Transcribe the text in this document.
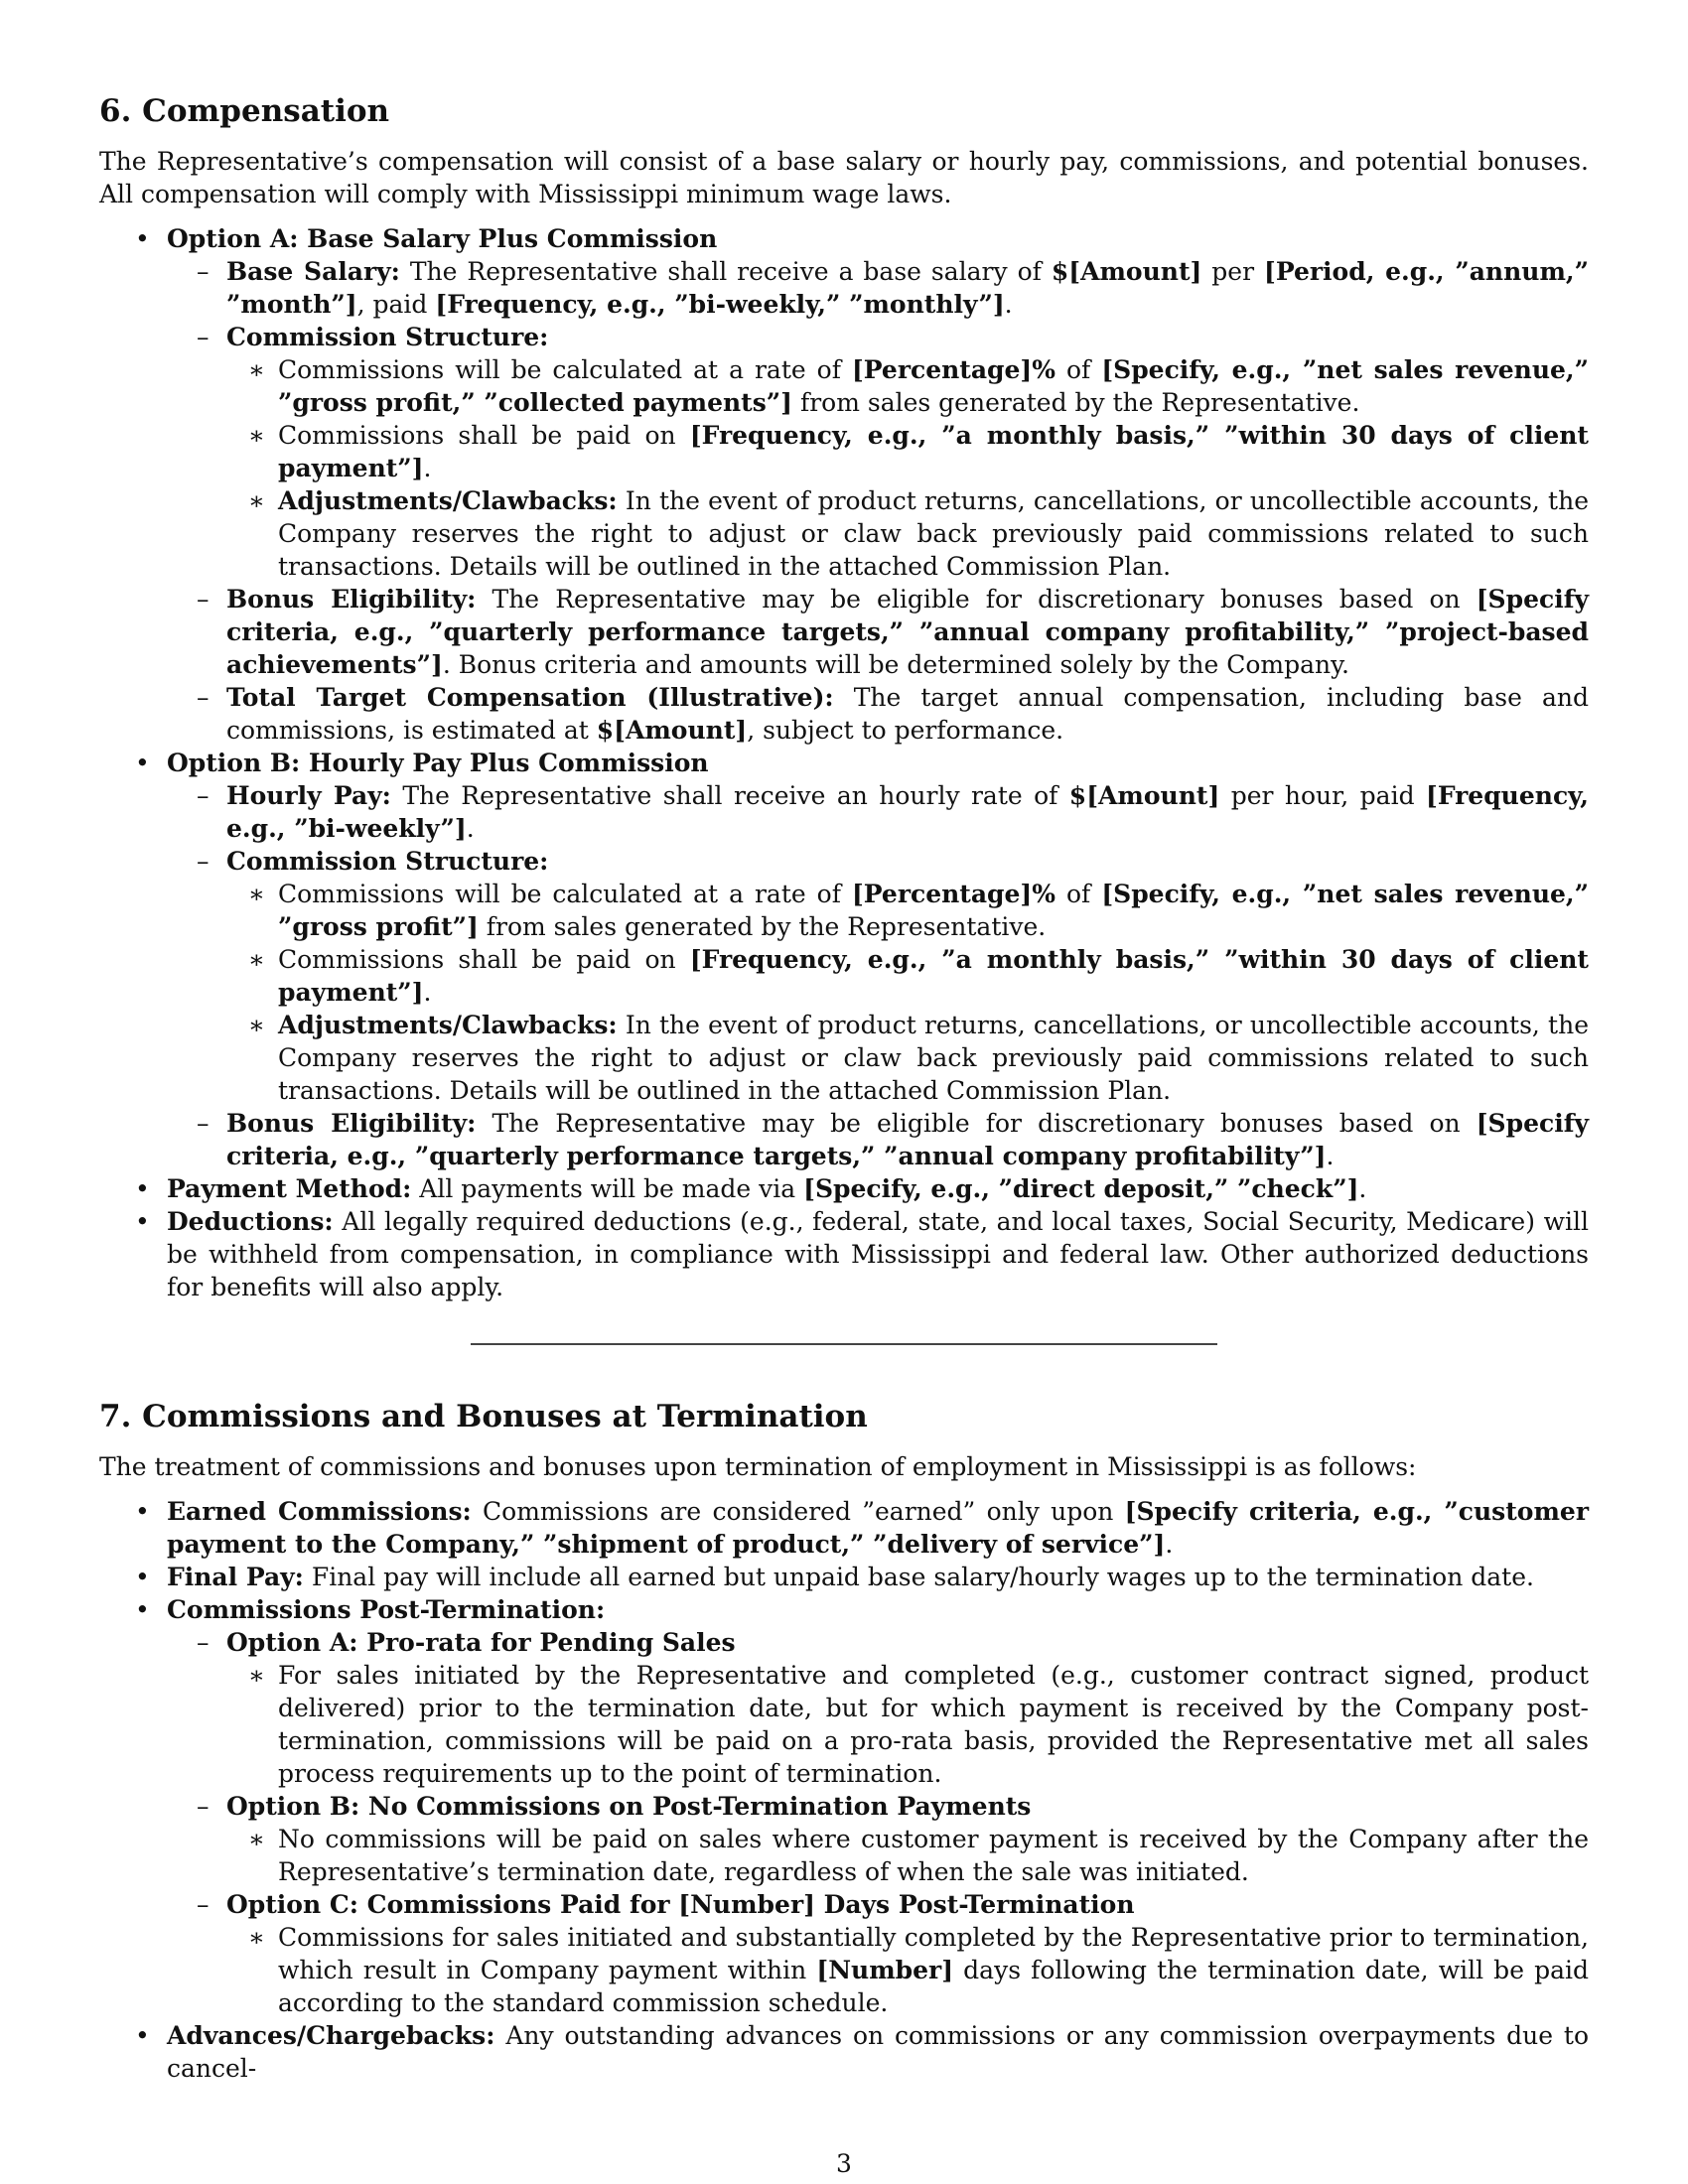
6. Compensation

The Representative’s compensation will consist of a base salary or hourly pay, commissions, and potential bonuses. All compensation will comply with Mississippi minimum wage laws.

• Option A: Base Salary Plus Commission
– Base Salary: The Representative shall receive a base salary of $[Amount] per [Period, e.g., ”annum,” ”month”], paid [Frequency, e.g., ”bi-weekly,” ”monthly”].
– Commission Structure:
∗ Commissions will be calculated at a rate of [Percentage]% of [Specify, e.g., ”net sales revenue,” ”gross profit,” ”collected payments”] from sales generated by the Representative.
∗ Commissions shall be paid on [Frequency, e.g., ”a monthly basis,” ”within 30 days of client payment”].
∗ Adjustments/Clawbacks: In the event of product returns, cancellations, or uncollectible accounts, the Company reserves the right to adjust or claw back previously paid commissions related to such transactions. Details will be outlined in the attached Commission Plan.
– Bonus Eligibility: The Representative may be eligible for discretionary bonuses based on [Specify criteria, e.g., ”quarterly performance targets,” ”annual company profitability,” ”project-based achievements”]. Bonus criteria and amounts will be determined solely by the Company.
– Total Target Compensation (Illustrative): The target annual compensation, including base and commissions, is estimated at $[Amount], subject to performance.
• Option B: Hourly Pay Plus Commission
– Hourly Pay: The Representative shall receive an hourly rate of $[Amount] per hour, paid [Frequency, e.g., ”bi-weekly”].
– Commission Structure:
∗ Commissions will be calculated at a rate of [Percentage]% of [Specify, e.g., ”net sales revenue,” ”gross profit”] from sales generated by the Representative.
∗ Commissions shall be paid on [Frequency, e.g., ”a monthly basis,” ”within 30 days of client payment”].
∗ Adjustments/Clawbacks: In the event of product returns, cancellations, or uncollectible accounts, the Company reserves the right to adjust or claw back previously paid commissions related to such transactions. Details will be outlined in the attached Commission Plan.
– Bonus Eligibility: The Representative may be eligible for discretionary bonuses based on [Specify criteria, e.g., ”quarterly performance targets,” ”annual company profitability”].
• Payment Method: All payments will be made via [Specify, e.g., ”direct deposit,” ”check”].
• Deductions: All legally required deductions (e.g., federal, state, and local taxes, Social Security, Medicare) will be withheld from compensation, in compliance with Mississippi and federal law. Other authorized deductions for benefits will also apply.
7. Commissions and Bonuses at Termination

The treatment of commissions and bonuses upon termination of employment in Mississippi is as follows:

• Earned Commissions: Commissions are considered ”earned” only upon [Specify criteria, e.g., ”customer payment to the Company,” ”shipment of product,” ”delivery of service”].
• Final Pay: Final pay will include all earned but unpaid base salary/hourly wages up to the termination date.
• Commissions Post-Termination:
– Option A: Pro-rata for Pending Sales
∗ For sales initiated by the Representative and completed (e.g., customer contract signed, product delivered) prior to the termination date, but for which payment is received by the Company post-termination, commissions will be paid on a pro-rata basis, provided the Representative met all sales process requirements up to the point of termination.
– Option B: No Commissions on Post-Termination Payments
∗ No commissions will be paid on sales where customer payment is received by the Company after the Representative’s termination date, regardless of when the sale was initiated.
– Option C: Commissions Paid for [Number] Days Post-Termination
∗ Commissions for sales initiated and substantially completed by the Representative prior to termination, which result in Company payment within [Number] days following the termination date, will be paid according to the standard commission schedule.
• Advances/Chargebacks: Any outstanding advances on commissions or any commission overpayments due to cancel-
3
